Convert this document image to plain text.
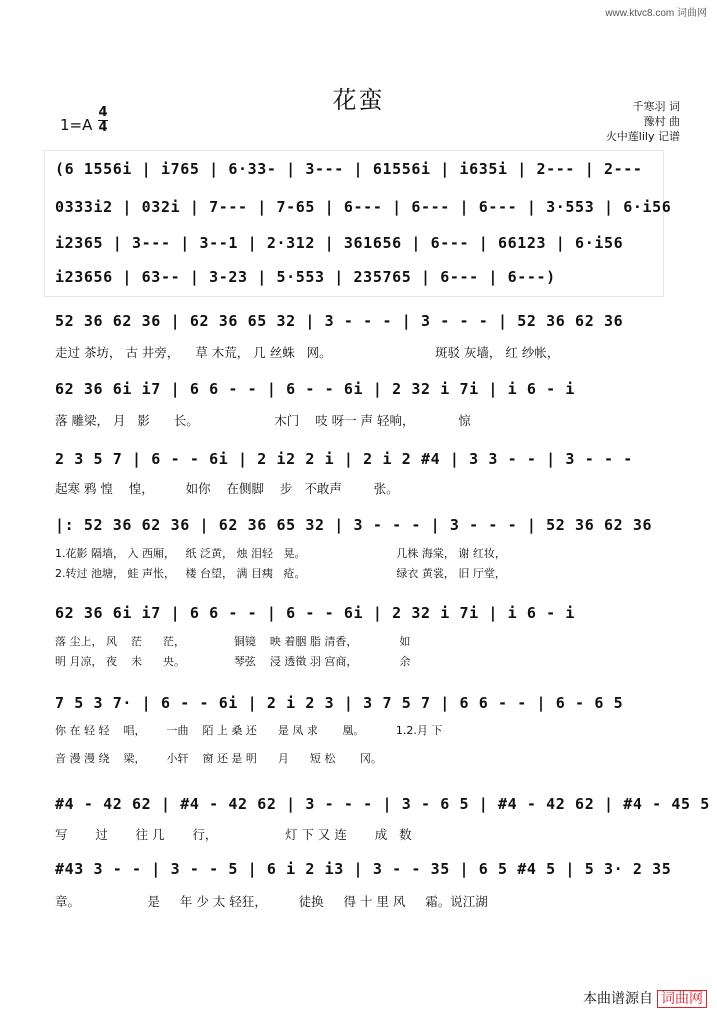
www.ktvc8.com 词曲网
花蛮
1=A
4
4
千寒羽 词
豫村 曲
火中莲lily 记谱
(6 1556i | i765 | 6·33- | 3--- | 61556i | i635i | 2--- | 2---
0333i2 | 032i | 7--- | 7-65 | 6--- | 6--- | 6--- | 3·553 | 6·i56
i2365 | 3--- | 3--1 | 2·312 | 361656 | 6--- | 66123 | 6·i56
i23656 | 63-- | 3-23 | 5·553 | 235765 | 6--- | 6---)
52 36 62 36 | 62 36 65 32 | 3 - - - | 3 - - - | 52 36 62 36
走过 茶坊， 古 井旁，    草 木荒， 几 丝蛛   网。                          斑驳 灰墙， 红 纱帐，
62 36 6i i7 | 6 6 - - | 6 - - 6i | 2 32 i 7i | i 6 - i
落 雕梁， 月   影      长。                   木门    吱 呀一 声 轻响，           惊
2 3 5 7 | 6 - - 6i | 2 i2 2 i | 2 i 2 #4 | 3 3 - - | 3 - - -
起寒 鸦 惶    惶，        如你    在侧脚    步   不敢声        张。
|: 52 36 62 36 | 62 36 65 32 | 3 - - - | 3 - - - | 52 36 62 36
1.花影 隔墙， 入 西厢，   纸 泛黄， 烛 泪轻   晃。                          几株 海棠， 谢 红妆，
2.转过 池塘， 蛙 声怅，   楼 台望， 满 目痍   疮。                          绿衣 黄裳， 旧 厅堂，
62 36 6i i7 | 6 6 - - | 6 - - 6i | 2 32 i 7i | i 6 - i
落 尘上， 风    茫      茫，              铜镜    映 着胭 脂 清香，            如
明 月凉， 夜    未      央。              琴弦    浸 透徵 羽 宫商，            余
7 5 3 7· | 6 - - 6i | 2 i 2 3 | 3 7 5 7 | 6 6 - - | 6 - 6 5
你 在 轻 轻    唱，      一曲    陌 上 桑 还      是 凤 求       凰。         1.2.月 下
音 漫 漫 绕    梁，      小轩    窗 还 是 明      月      短 松       冈。
#4 - 42 62 | #4 - 42 62 | 3 - - - | 3 - 6 5 | #4 - 42 62 | #4 - 45 5
写       过       往 几       行，                 灯 下 又 连       成   数
#43 3 - - | 3 - - 5 | 6 i 2 i3 | 3 - - 35 | 6 5 #4 5 | 5 3· 2 35
章。                 是     年 少 太 轻狂，        徒换     得 十 里 风     霜。说江湖
本曲谱源自 词曲网
